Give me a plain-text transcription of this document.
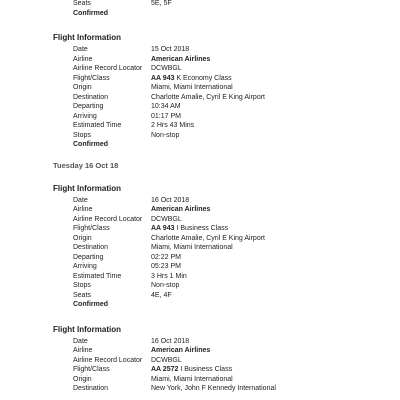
Seats	5E, 5F
Confirmed
Flight Information
Date	15 Oct 2018
Airline	American Airlines
Airline Record Locator DCWBGL
Flight/Class	AA 943 K Economy Class
Origin	Miami, Miami International
Destination	Charlotte Amalie, Cyril E King Airport
Departing	10:34 AM
Arriving	01:17 PM
Estimated Time	2 Hrs 43 Mins
Stops	Non-stop
Confirmed
Tuesday 16 Oct 18
Flight Information
Date	16 Oct 2018
Airline	American Airlines
Airline Record Locator DCWBGL
Flight/Class	AA 943 I Business Class
Origin	Charlotte Amalie, Cyril E King Airport
Destination	Miami, Miami International
Departing	02:22 PM
Arriving	05:23 PM
Estimated Time	3 Hrs 1 Min
Stops	Non-stop
Seats	4E, 4F
Confirmed
Flight Information
Date	16 Oct 2018
Airline	American Airlines
Airline Record Locator DCWBGL
Flight/Class	AA 2572 I Business Class
Origin	Miami, Miami International
Destination	New York, John F Kennedy International
